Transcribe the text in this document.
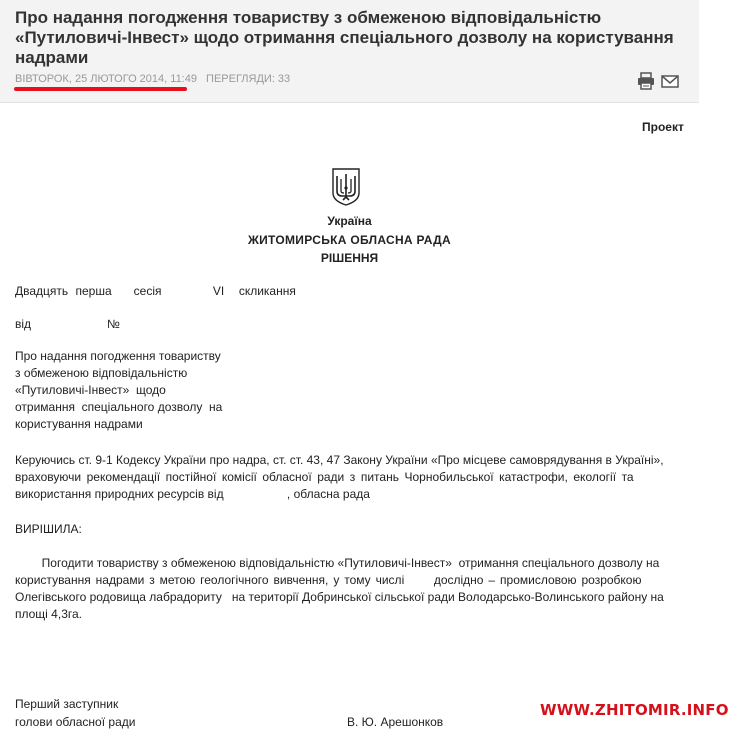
Про надання погодження товариству з обмеженою відповідальністю
«Путиловичі-Інвест» щодо отримання спеціального дозволу на користування
надрами
ВІВТОРОК, 25 ЛЮТОГО 2014, 11:49 ПЕРЕГЛЯДИ: 33
Проект
Україна
ЖИТОМИРСЬКА ОБЛАСНА РАДА
РІШЕННЯ
Двадцять перша   сесія       VI  скликання
від	№
Про надання погодження товариству
з обмеженою відповідальністю
«Путиловичі-Інвест»  щодо
отримання  спеціального дозволу  на
користування надрами
Керуючись ст. 9-1 Кодексу України про надра, ст. ст. 43, 47 Закону України «Про місцеве самоврядування в Україні»,
враховуючи рекомендації постійної комісії обласної ради з питань Чорнобильської катастрофи, екології та
використання природних ресурсів від                   , обласна рада
ВИРІШИЛА:
Погодити товариству з обмеженою відповідальністю «Путиловичі-Інвест»  отримання спеціального дозволу на
користування надрами з метою геологічного вивчення, у тому числі      дослідно – промисловою розробкою
Олегівського родовища лабрадориту   на території Добринської сільської ради Володарсько-Волинського району на
площі 4,3га.
Перший заступник
голови обласної ради	В. Ю. Арешонков
WWW.ZHITOMIR.INFO
